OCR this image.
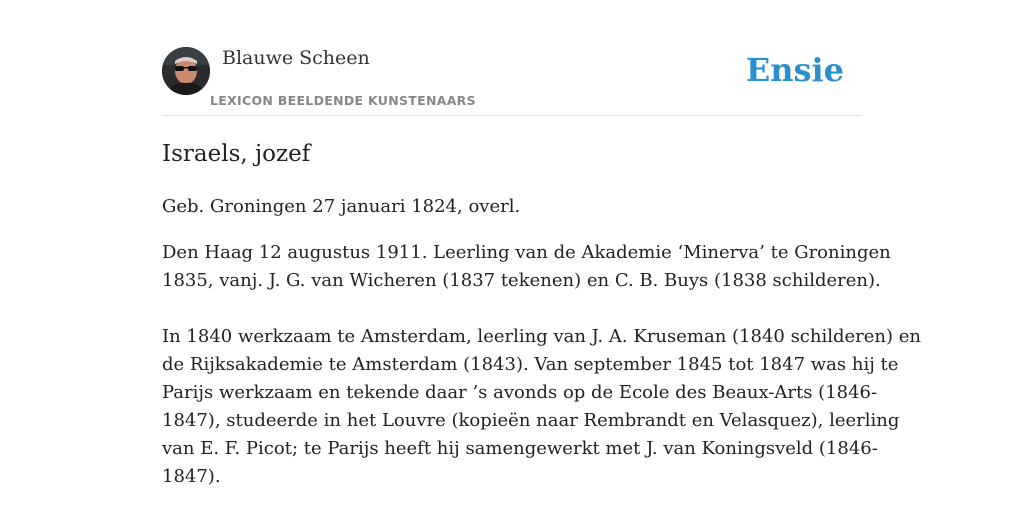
Blauwe Scheen
LEXICON BEELDENDE KUNSTENAARS
Ensie
Israels, jozef
Geb. Groningen 27 januari 1824, overl.

Den Haag 12 augustus 1911. Leerling van de Akademie ‘Minerva’ te Groningen
1835, vanj. J. G. van Wicheren (1837 tekenen) en C. B. Buys (1838 schilderen).

In 1840 werkzaam te Amsterdam, leerling van J. A. Kruseman (1840 schilderen) en
de Rijksakademie te Amsterdam (1843). Van september 1845 tot 1847 was hij te
Parijs werkzaam en tekende daar ’s avonds op de Ecole des Beaux-Arts (1846-
1847), studeerde in het Louvre (kopieën naar Rembrandt en Velasquez), leerling
van E. F. Picot; te Parijs heeft hij samengewerkt met J. van Koningsveld (1846-
1847).
